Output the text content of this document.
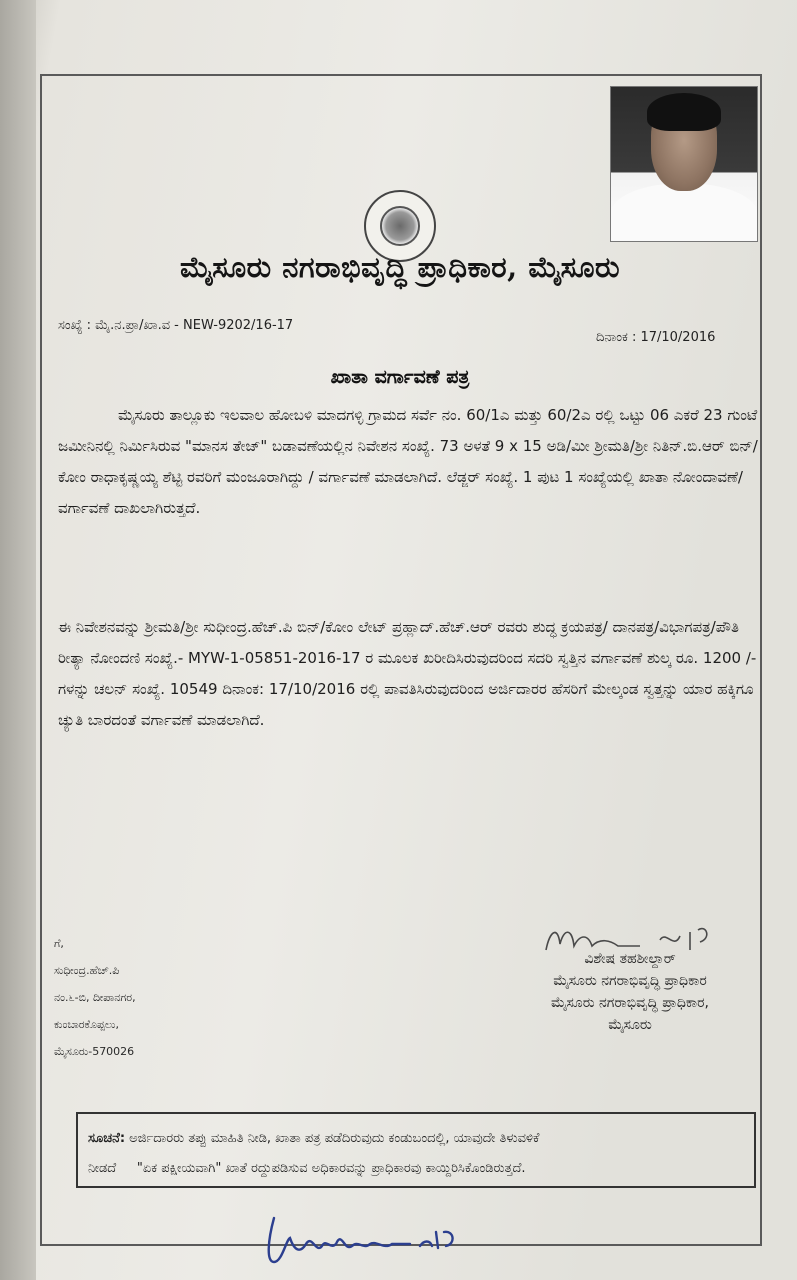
ಮೈಸೂರು ನಗರಾಭಿವೃದ್ಧಿ ಪ್ರಾಧಿಕಾರ, ಮೈಸೂರು
ಸಂಖ್ಯೆ : ಮೈ.ನ.ಪ್ರಾ/ಖಾ.ವ - NEW-9202/16-17
ದಿನಾಂಕ : 17/10/2016
ಖಾತಾ ವರ್ಗಾವಣೆ ಪತ್ರ
ಮೈಸೂರು ತಾಲ್ಲೂಕು ಇಲವಾಲ ಹೋಬಳಿ ಮಾದಗಳ್ಳಿ ಗ್ರಾಮದ ಸರ್ವೆ ನಂ. 60/1ಎ ಮತ್ತು 60/2ಎ ರಲ್ಲಿ ಒಟ್ಟು 06 ಎಕರೆ 23 ಗುಂಟೆ ಜಮೀನಿನಲ್ಲಿ ನಿರ್ಮಿಸಿರುವ "ಮಾನಸ ತೇಜ್" ಬಡಾವಣೆಯಲ್ಲಿನ ನಿವೇಶನ ಸಂಖ್ಯೆ. 73 ಅಳತೆ 9 x 15 ಅಡಿ/ಮೀ ಶ್ರೀಮತಿ/ಶ್ರೀ ನಿತಿನ್.ಬಿ.ಆರ್ ಬಿನ್/ಕೋಂ ರಾಧಾಕೃಷ್ಣಯ್ಯ ಶೆಟ್ಟಿ ರವರಿಗೆ ಮಂಜೂರಾಗಿದ್ದು / ವರ್ಗಾವಣೆ ಮಾಡಲಾಗಿದೆ. ಲೆಡ್ಜರ್ ಸಂಖ್ಯೆ. 1 ಪುಟ 1 ಸಂಖ್ಯೆಯಲ್ಲಿ ಖಾತಾ ನೋಂದಾವಣೆ/ ವರ್ಗಾವಣೆ ದಾಖಲಾಗಿರುತ್ತದೆ.
ಈ ನಿವೇಶನವನ್ನು ಶ್ರೀಮತಿ/ಶ್ರೀ ಸುಧೀಂದ್ರ.ಹೆಚ್.ಪಿ ಬಿನ್/ಕೋಂ ಲೇಟ್ ಪ್ರಹ್ಲಾದ್.ಹೆಚ್.ಆರ್ ರವರು ಶುದ್ಧ ಕ್ರಯಪತ್ರ/ ದಾನಪತ್ರ/ವಿಭಾಗಪತ್ರ/ಪೌತಿ ರೀತ್ಯಾ ನೋಂದಣಿ ಸಂಖ್ಯೆ.- MYW-1-05851-2016-17 ರ ಮೂಲಕ ಖರೀದಿಸಿರುವುದರಿಂದ ಸದರಿ ಸ್ವತ್ತಿನ ವರ್ಗಾವಣೆ ಶುಲ್ಕ ರೂ. 1200 /- ಗಳನ್ನು ಚಲನ್ ಸಂಖ್ಯೆ. 10549 ದಿನಾಂಕ: 17/10/2016 ರಲ್ಲಿ ಪಾವತಿಸಿರುವುದರಿಂದ ಅರ್ಜಿದಾರರ ಹೆಸರಿಗೆ ಮೇಲ್ಕಂಡ ಸ್ವತ್ತನ್ನು ಯಾರ ಹಕ್ಕಿಗೂ ಚ್ಯುತಿ ಬಾರದಂತೆ ವರ್ಗಾವಣೆ ಮಾಡಲಾಗಿದೆ.
ಗೆ,
ಸುಧೀಂದ್ರ.ಹೆಚ್.ಪಿ
ನಂ.೬-ಬಿ, ದೀಪಾನಗರ,
ಕುಂಬಾರಕೊಪ್ಪಲು,
ಮೈಸೂರು-570026
ವಿಶೇಷ ತಹಶೀಲ್ದಾರ್
ಮೈಸೂರು ನಗರಾಭಿವೃದ್ಧಿ ಪ್ರಾಧಿಕಾರ
ಮೈಸೂರು ನಗರಾಭಿವೃದ್ಧಿ ಪ್ರಾಧಿಕಾರ,
ಮೈಸೂರು
ಸೂಚನೆ: ಅರ್ಜಿದಾರರು ತಪ್ಪು ಮಾಹಿತಿ ನೀಡಿ, ಖಾತಾ ಪತ್ರ ಪಡೆದಿರುವುದು ಕಂಡುಬಂದಲ್ಲಿ, ಯಾವುದೇ ತಿಳುವಳಿಕೆ
ನೀಡದೆ "ಏಕ ಪಕ್ಷೀಯವಾಗಿ" ಖಾತೆ ರದ್ದುಪಡಿಸುವ ಅಧಿಕಾರವನ್ನು ಪ್ರಾಧಿಕಾರವು ಕಾಯ್ದಿರಿಸಿಕೊಂಡಿರುತ್ತದೆ.
